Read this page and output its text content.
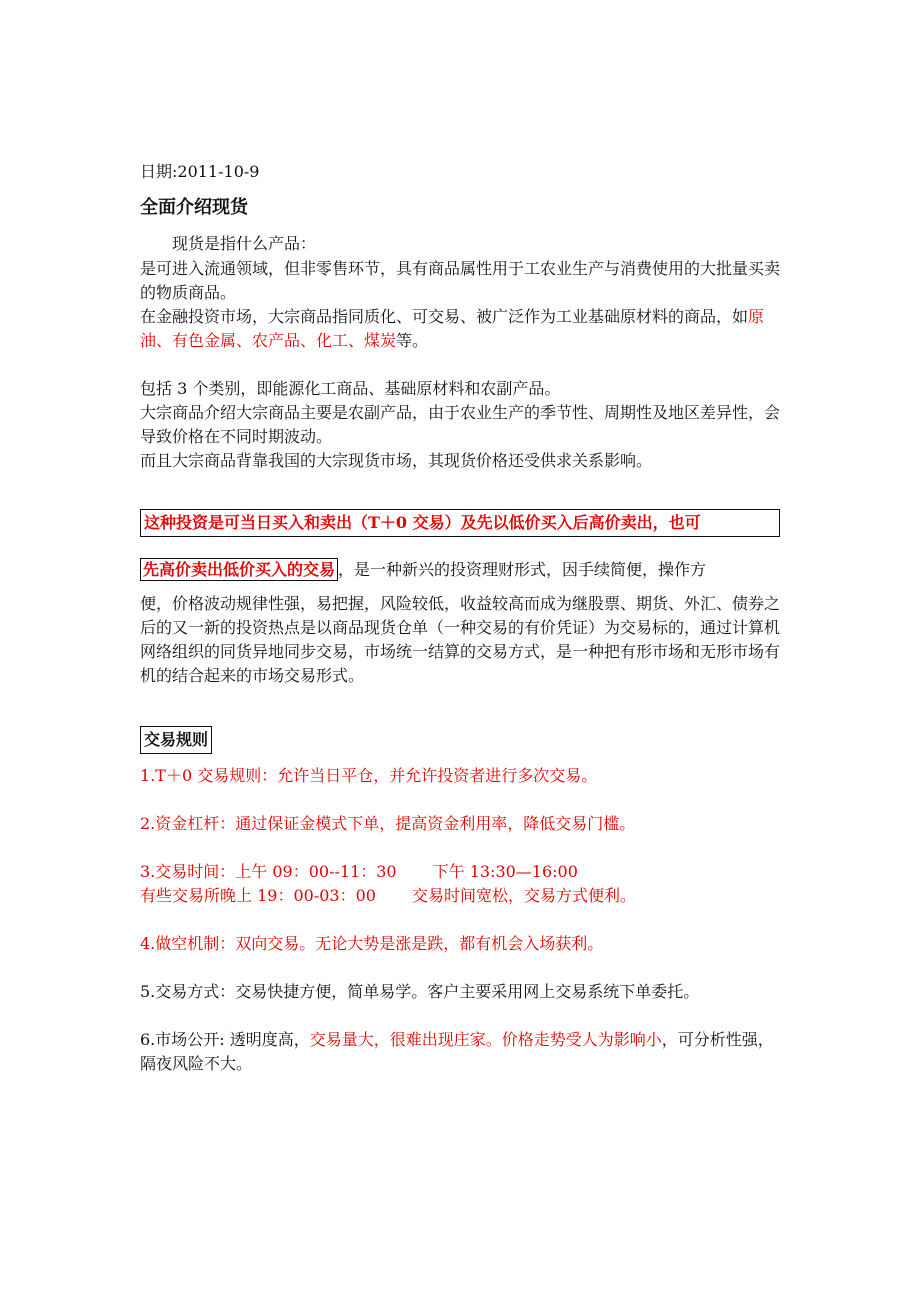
日期:2011-10-9
全面介绍现货
现货是指什么产品：
是可进入流通领域，但非零售环节，具有商品属性用于工农业生产与消费使用的大批量买卖的物质商品。
在金融投资市场，大宗商品指同质化、可交易、被广泛作为工业基础原材料的商品，如原油、有色金属、农产品、化工、煤炭等。
包括 3 个类别，即能源化工商品、基础原材料和农副产品。
大宗商品介绍大宗商品主要是农副产品，由于农业生产的季节性、周期性及地区差异性，会导致价格在不同时期波动。
而且大宗商品背靠我国的大宗现货市场，其现货价格还受供求关系影响。
这种投资是可当日买入和卖出（T＋0 交易）及先以低价买入后高价卖出，也可
先高价卖出低价买入的交易 ，是一种新兴的投资理财形式，因手续简便，操作方
便，价格波动规律性强，易把握，风险较低，收益较高而成为继股票、期货、外汇、债券之后的又一新的投资热点是以商品现货仓单（一种交易的有价凭证）为交易标的，通过计算机网络组织的同货异地同步交易，市场统一结算的交易方式，是一种把有形市场和无形市场有机的结合起来的市场交易形式。
交易规则
1.T＋0 交易规则：允许当日平仓，并允许投资者进行多次交易。
2.资金杠杆：通过保证金模式下单，提高资金利用率，降低交易门槛。
3.交易时间：上午 09：00--11：30 下午 13:30—16:00
有些交易所晚上 19：00-03：00 交易时间宽松，交易方式便利。
4.做空机制：双向交易。无论大势是涨是跌，都有机会入场获利。
5.交易方式：交易快捷方便，简单易学。客户主要采用网上交易系统下单委托。
6.市场公开: 透明度高，交易量大，很难出现庄家。价格走势受人为影响小，可分析性强，隔夜风险不大。
